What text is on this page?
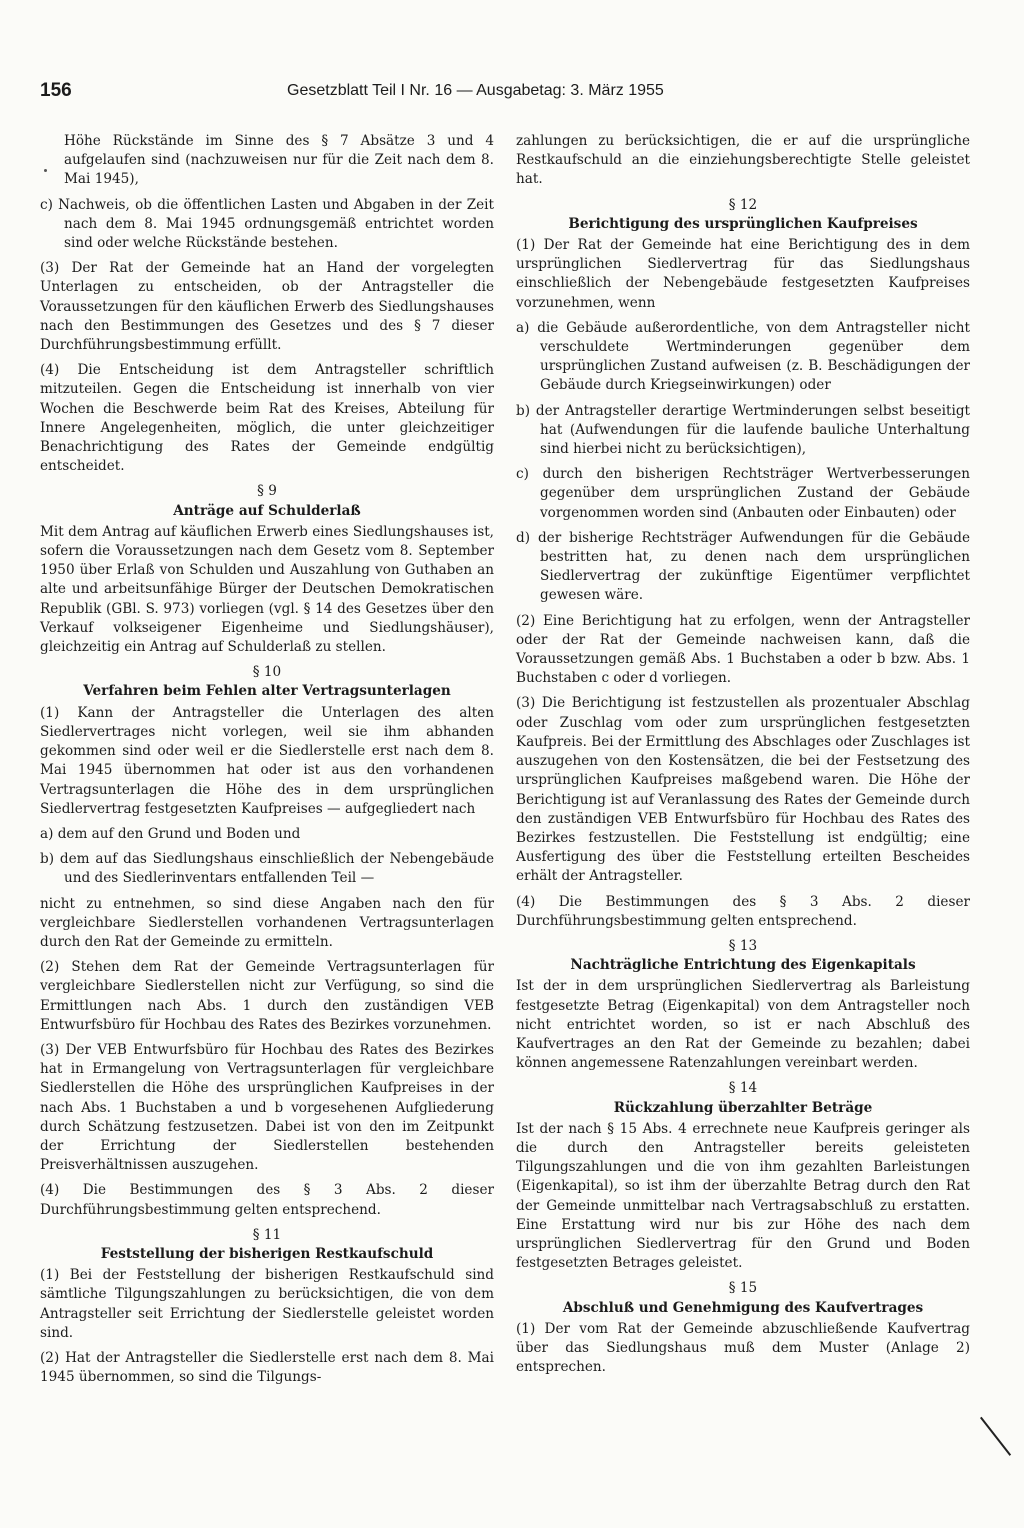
156	Gesetzblatt Teil I Nr. 16 — Ausgabetag: 3. März 1955

Höhe Rückstände im Sinne des § 7 Absätze 3 und 4 aufgelaufen sind (nachzuweisen nur für die Zeit nach dem 8. Mai 1945),

c) Nachweis, ob die öffentlichen Lasten und Abgaben in der Zeit nach dem 8. Mai 1945 ordnungsgemäß entrichtet worden sind oder welche Rückstände bestehen.

(3) Der Rat der Gemeinde hat an Hand der vorgelegten Unterlagen zu entscheiden, ob der Antragsteller die Voraussetzungen für den käuflichen Erwerb des Siedlungshauses nach den Bestimmungen des Gesetzes und des § 7 dieser Durchführungsbestimmung erfüllt.

(4) Die Entscheidung ist dem Antragsteller schriftlich mitzuteilen. Gegen die Entscheidung ist innerhalb von vier Wochen die Beschwerde beim Rat des Kreises, Abteilung für Innere Angelegenheiten, möglich, die unter gleichzeitiger Benachrichtigung des Rates der Gemeinde endgültig entscheidet.

§ 9
Anträge auf Schulderlaß

Mit dem Antrag auf käuflichen Erwerb eines Siedlungshauses ist, sofern die Voraussetzungen nach dem Gesetz vom 8. September 1950 über Erlaß von Schulden und Auszahlung von Guthaben an alte und arbeitsunfähige Bürger der Deutschen Demokratischen Republik (GBl. S. 973) vorliegen (vgl. § 14 des Gesetzes über den Verkauf volkseigener Eigenheime und Siedlungshäuser), gleichzeitig ein Antrag auf Schulderlaß zu stellen.

§ 10
Verfahren beim Fehlen alter Vertragsunterlagen

(1) Kann der Antragsteller die Unterlagen des alten Siedlervertrages nicht vorlegen, weil sie ihm abhanden gekommen sind oder weil er die Siedlerstelle erst nach dem 8. Mai 1945 übernommen hat oder ist aus den vorhandenen Vertragsunterlagen die Höhe des in dem ursprünglichen Siedlervertrag festgesetzten Kaufpreises — aufgegliedert nach

a) dem auf den Grund und Boden und

b) dem auf das Siedlungshaus einschließlich der Nebengebäude und des Siedlerinventars entfallenden Teil —

nicht zu entnehmen, so sind diese Angaben nach den für vergleichbare Siedlerstellen vorhandenen Vertragsunterlagen durch den Rat der Gemeinde zu ermitteln.

(2) Stehen dem Rat der Gemeinde Vertragsunterlagen für vergleichbare Siedlerstellen nicht zur Verfügung, so sind die Ermittlungen nach Abs. 1 durch den zuständigen VEB Entwurfsbüro für Hochbau des Rates des Bezirkes vorzunehmen.

(3) Der VEB Entwurfsbüro für Hochbau des Rates des Bezirkes hat in Ermangelung von Vertragsunterlagen für vergleichbare Siedlerstellen die Höhe des ursprünglichen Kaufpreises in der nach Abs. 1 Buchstaben a und b vorgesehenen Aufgliederung durch Schätzung festzusetzen. Dabei ist von den im Zeitpunkt der Errichtung der Siedlerstellen bestehenden Preisverhältnissen auszugehen.

(4) Die Bestimmungen des § 3 Abs. 2 dieser Durchführungsbestimmung gelten entsprechend.

§ 11
Feststellung der bisherigen Restkaufschuld

(1) Bei der Feststellung der bisherigen Restkaufschuld sind sämtliche Tilgungszahlungen zu berücksichtigen, die von dem Antragsteller seit Errichtung der Siedlerstelle geleistet worden sind.

(2) Hat der Antragsteller die Siedlerstelle erst nach dem 8. Mai 1945 übernommen, so sind die Tilgungs-

zahlungen zu berücksichtigen, die er auf die ursprüngliche Restkaufschuld an die einziehungsberechtigte Stelle geleistet hat.

§ 12
Berichtigung des ursprünglichen Kaufpreises

(1) Der Rat der Gemeinde hat eine Berichtigung des in dem ursprünglichen Siedlervertrag für das Siedlungshaus einschließlich der Nebengebäude festgesetzten Kaufpreises vorzunehmen, wenn

a) die Gebäude außerordentliche, von dem Antragsteller nicht verschuldete Wertminderungen gegenüber dem ursprünglichen Zustand aufweisen (z. B. Beschädigungen der Gebäude durch Kriegseinwirkungen) oder

b) der Antragsteller derartige Wertminderungen selbst beseitigt hat (Aufwendungen für die laufende bauliche Unterhaltung sind hierbei nicht zu berücksichtigen),

c) durch den bisherigen Rechtsträger Wertverbesserungen gegenüber dem ursprünglichen Zustand der Gebäude vorgenommen worden sind (Anbauten oder Einbauten) oder

d) der bisherige Rechtsträger Aufwendungen für die Gebäude bestritten hat, zu denen nach dem ursprünglichen Siedlervertrag der zukünftige Eigentümer verpflichtet gewesen wäre.

(2) Eine Berichtigung hat zu erfolgen, wenn der Antragsteller oder der Rat der Gemeinde nachweisen kann, daß die Voraussetzungen gemäß Abs. 1 Buchstaben a oder b bzw. Abs. 1 Buchstaben c oder d vorliegen.

(3) Die Berichtigung ist festzustellen als prozentualer Abschlag oder Zuschlag vom oder zum ursprünglichen festgesetzten Kaufpreis. Bei der Ermittlung des Abschlages oder Zuschlages ist auszugehen von den Kostensätzen, die bei der Festsetzung des ursprünglichen Kaufpreises maßgebend waren. Die Höhe der Berichtigung ist auf Veranlassung des Rates der Gemeinde durch den zuständigen VEB Entwurfsbüro für Hochbau des Rates des Bezirkes festzustellen. Die Feststellung ist endgültig; eine Ausfertigung des über die Feststellung erteilten Bescheides erhält der Antragsteller.

(4) Die Bestimmungen des § 3 Abs. 2 dieser Durchführungsbestimmung gelten entsprechend.

§ 13
Nachträgliche Entrichtung des Eigenkapitals

Ist der in dem ursprünglichen Siedlervertrag als Barleistung festgesetzte Betrag (Eigenkapital) von dem Antragsteller noch nicht entrichtet worden, so ist er nach Abschluß des Kaufvertrages an den Rat der Gemeinde zu bezahlen; dabei können angemessene Ratenzahlungen vereinbart werden.

§ 14
Rückzahlung überzahlter Beträge

Ist der nach § 15 Abs. 4 errechnete neue Kaufpreis geringer als die durch den Antragsteller bereits geleisteten Tilgungszahlungen und die von ihm gezahlten Barleistungen (Eigenkapital), so ist ihm der überzahlte Betrag durch den Rat der Gemeinde unmittelbar nach Vertragsabschluß zu erstatten. Eine Erstattung wird nur bis zur Höhe des nach dem ursprünglichen Siedlervertrag für den Grund und Boden festgesetzten Betrages geleistet.

§ 15
Abschluß und Genehmigung des Kaufvertrages

(1) Der vom Rat der Gemeinde abzuschließende Kaufvertrag über das Siedlungshaus muß dem Muster (Anlage 2) entsprechen.
